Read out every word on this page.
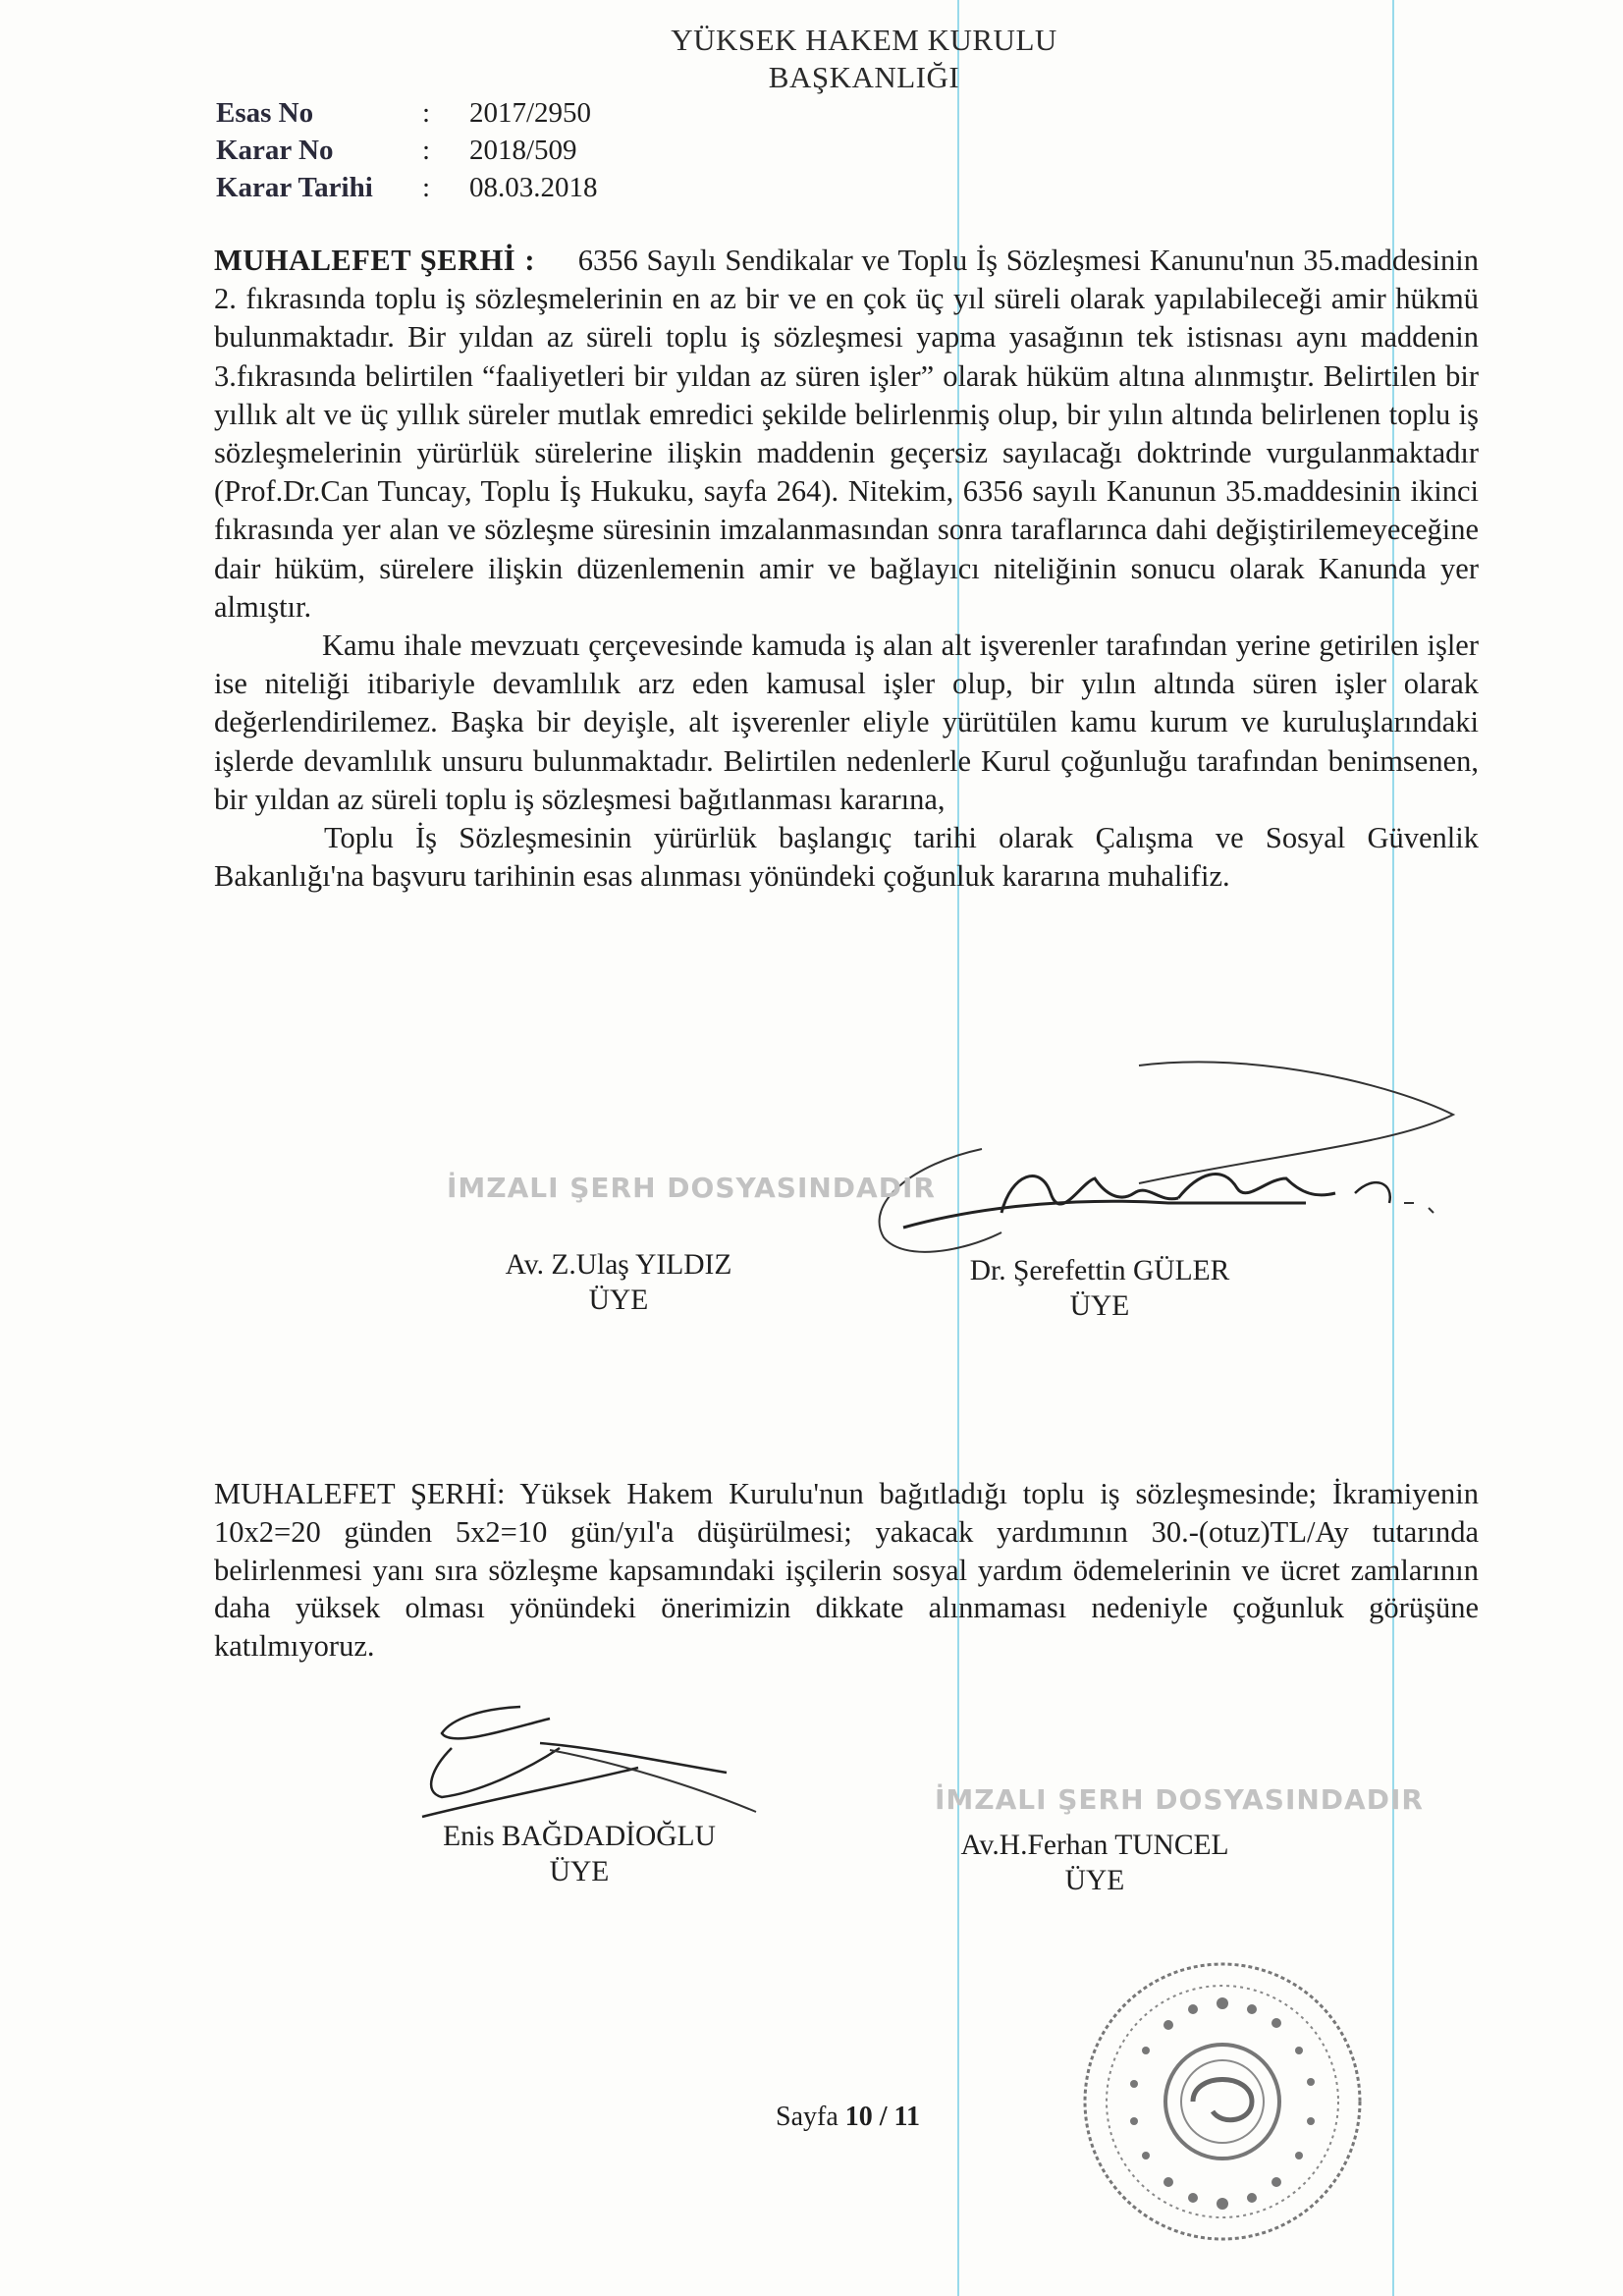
YÜKSEK HAKEM KURULU
BAŞKANLIĞI
Esas No	:	2017/2950
Karar No	:	2018/509
Karar Tarihi	:	08.03.2018

MUHALEFET ŞERHİ : 6356 Sayılı Sendikalar ve Toplu İş Sözleşmesi Kanunu'nun 35.maddesinin 2. fıkrasında toplu iş sözleşmelerinin en az bir ve en çok üç yıl süreli olarak yapılabileceği amir hükmü bulunmaktadır. Bir yıldan az süreli toplu iş sözleşmesi yapma yasağının tek istisnası aynı maddenin 3.fıkrasında belirtilen “faaliyetleri bir yıldan az süren işler” olarak hüküm altına alınmıştır. Belirtilen bir yıllık alt ve üç yıllık süreler mutlak emredici şekilde belirlenmiş olup, bir yılın altında belirlenen toplu iş sözleşmelerinin yürürlük sürelerine ilişkin maddenin geçersiz sayılacağı doktrinde vurgulanmaktadır (Prof.Dr.Can Tuncay, Toplu İş Hukuku, sayfa 264). Nitekim, 6356 sayılı Kanunun 35.maddesinin ikinci fıkrasında yer alan ve sözleşme süresinin imzalanmasından sonra taraflarınca dahi değiştirilemeyeceğine dair hüküm, sürelere ilişkin düzenlemenin amir ve bağlayıcı niteliğinin sonucu olarak Kanunda yer almıştır.

Kamu ihale mevzuatı çerçevesinde kamuda iş alan alt işverenler tarafından yerine getirilen işler ise niteliği itibariyle devamlılık arz eden kamusal işler olup, bir yılın altında süren işler olarak değerlendirilemez. Başka bir deyişle, alt işverenler eliyle yürütülen kamu kurum ve kuruluşlarındaki işlerde devamlılık unsuru bulunmaktadır. Belirtilen nedenlerle Kurul çoğunluğu tarafından benimsenen, bir yıldan az süreli toplu iş sözleşmesi bağıtlanması kararına,

Toplu İş Sözleşmesinin yürürlük başlangıç tarihi olarak Çalışma ve Sosyal Güvenlik Bakanlığı'na başvuru tarihinin esas alınması yönündeki çoğunluk kararına muhalifiz.

İMZALI ŞERH DOSYASINDADIR
Av. Z.Ulaş YILDIZ
ÜYE
Dr. Şerefettin GÜLER
ÜYE

MUHALEFET ŞERHİ: Yüksek Hakem Kurulu'nun bağıtladığı toplu iş sözleşmesinde; İkramiyenin 10x2=20 günden 5x2=10 gün/yıl'a düşürülmesi; yakacak yardımının 30.-(otuz)TL/Ay tutarında belirlenmesi yanı sıra sözleşme kapsamındaki işçilerin sosyal yardım ödemelerinin ve ücret zamlarının daha yüksek olması yönündeki önerimizin dikkate alınmaması nedeniyle çoğunluk görüşüne katılmıyoruz.

Enis BAĞDADİOĞLU
ÜYE
İMZALI ŞERH DOSYASINDADIR
Av.H.Ferhan TUNCEL
ÜYE
Sayfa 10 / 11
